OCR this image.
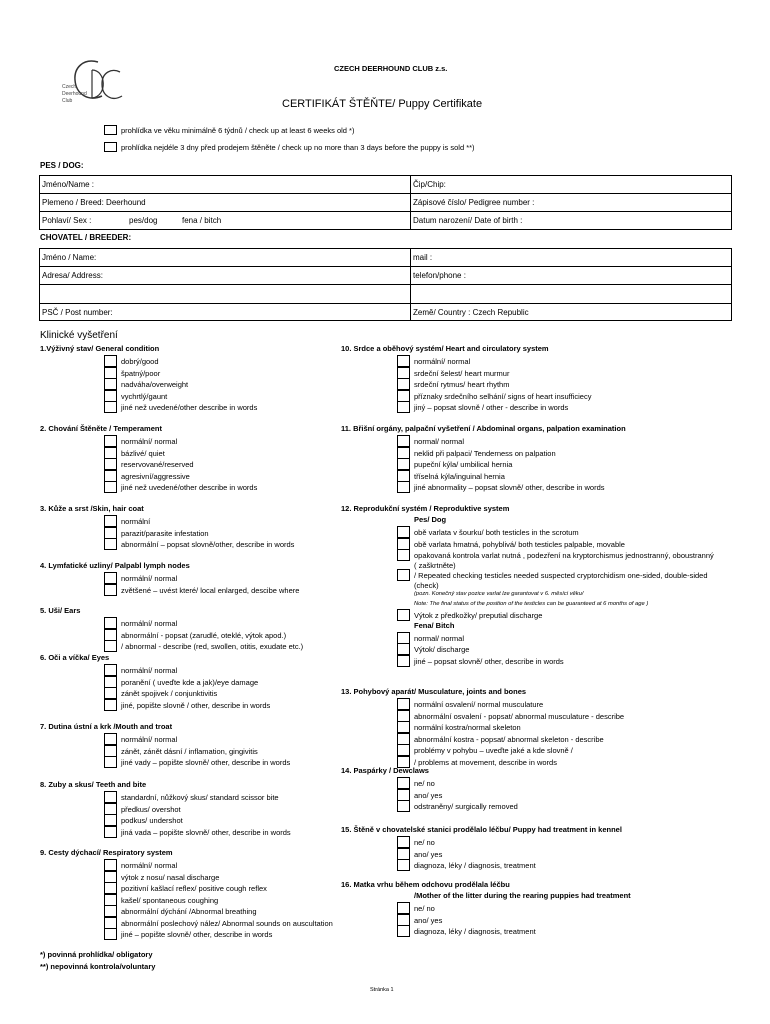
Czech
Deerhound
Club
CZECH DEERHOUND CLUB z.s.
CERTIFIKÁT ŠTĚŇTE/ Puppy Certifikate
prohlídka ve věku minimálně 6 týdnů / check up at least 6 weeks old *)
prohlídka nejdéle 3 dny před prodejem štěněte / check up no more than 3 days before the puppy is sold **)
PES / DOG:
Jméno/Name :	Čip/Chip:
Plemeno / Breed: Deerhound	Zápisové číslo/ Pedigree number :
Pohlaví/ Sex :	pes/dog	fena / bitch	Datum narození/ Date of birth :
CHOVATEL / BREEDER:
Jméno / Name:	mail :
Adresa/ Address:	telefon/phone :
PSČ / Post number:	Země/ Country : Czech Republic
Klinické vyšetření
1.Výživný stav/ General condition
dobrý/good
špatný/poor
nadváha/overweight
vychrtlý/gaunt
jiné než uvedené/other describe in words
2. Chování Štěněte / Temperament
normální/ normal
bázlivé/ quiet
reservované/reserved
agresivní/aggressive
jiné než uvedené/other describe in words
3. Kůže a srst /Skin, hair coat
normální
parazit/parasite infestation
abnormální – popsat slovně/other, describe in words
4. Lymfatické uzliny/ Palpabl lymph nodes
normální/ normal
zvětšené – uvést které/ local enlarged, descibe where
5. Uši/ Ears
normální/ normal
abnormální - popsat (zarudlé, oteklé, výtok apod.)
/ abnormal - describe (red, swollen, otitis, exudate etc.)
6. Oči a víčka/ Eyes
normální/ normal
poranění ( uveďte kde a jak)/eye damage
zánět spojivek / conjunktivitis
jiné, popište slovně / other, describe in words
7. Dutina ústní a krk /Mouth and troat
normální/ normal
zánět, zánět dásní / inflamation, gingivitis
jiné vady – popište slovně/ other, describe in words
8. Zuby a skus/ Teeth and bite
standardní, nůžkový skus/ standard scissor bite
předkus/ overshot
podkus/ undershot
jiná vada – popište slovně/ other, describe in words
9. Cesty dýchací/ Respiratory system
normální/ normal
výtok z nosu/ nasal discharge
pozitivní kašlací reflex/ positive cough reflex
kašel/ spontaneous coughing
abnormální dýchání /Abnormal breathing
abnormální poslechový nález/ Abnormal sounds on auscultation
jiné – popište slovně/ other, describe in words
10. Srdce a oběhový systém/ Heart and circulatory system
normální/ normal
srdeční šelest/ heart murmur
srdeční rytmus/ heart rhythm
příznaky srdečního selhání/ signs of heart insufficiecy
jiný – popsat slovně / other - describe in words
11. Břišní orgány, palpační vyšetření / Abdominal organs, palpation examination
normal/ normal
neklid při palpaci/ Tenderness on palpation
pupeční kýla/ umbilical hernia
tříselná kýla/inguinal hernia
jiné abnormality – popsat slovně/ other, describe in words
12. Reprodukční systém / Reproduktive system
Pes/ Dog
obě varlata v šourku/ both testicles in the scrotum
obě varlata hmatná, pohyblivá/ both testicles palpable, movable
opakovaná kontrola varlat nutná , podezření na kryptorchismus jednostranný, oboustranný ( zaškrtněte)
/ Repeated checking testicles needed suspected cryptorchidism one-sided, double-sided (check)
(pozn. Konečný stav pozice varlat lze garantovat v 6. měsíci věku/
Note: The final status of the position of the testicles can be guaranteed at 6 months of age )
Výtok z předkožky/ preputial discharge
Fena/ Bitch
normal/ normal
Výtok/ discharge
jiné – popsat slovně/ other, describe in words
13. Pohybový aparát/ Musculature, joints and bones
normální osvalení/ normal musculature
abnormální osvalení - popsat/ abnormal musculature - describe
normální kostra/normal skeleton
abnormální kostra - popsat/ abnormal skeleton - describe
problémy v pohybu – uveďte jaké a kde slovně /
/ problems at movement, describe in words
14. Paspárky / Dewclaws
ne/ no
ano/ yes
odstraněny/ surgically removed
15. Štěně v chovatelské stanici prodělalo léčbu/ Puppy had treatment in kennel
ne/ no
ano/ yes
diagnoza, léky / diagnosis, treatment
16. Matka vrhu během odchovu prodělala léčbu
/Mother of the litter during the rearing puppies had treatment
ne/ no
ano/ yes
diagnoza, léky / diagnosis, treatment
*) povinná prohlídka/ obligatory
**) nepovinná kontrola/voluntary
Stránka 1
